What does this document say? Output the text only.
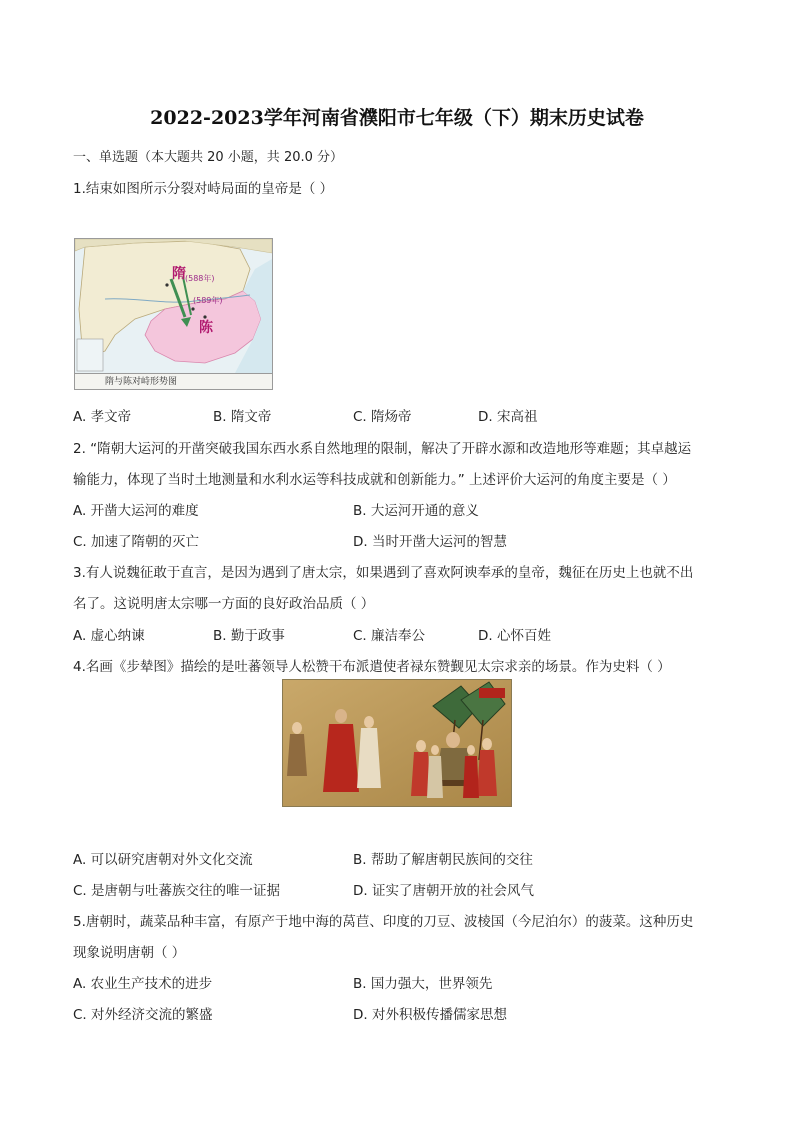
2022-2023学年河南省濮阳市七年级（下）期末历史试卷
一、单选题（本大题共 20 小题，共 20.0 分）
1.结束如图所示分裂对峙局面的皇帝是（ ）
隋 (588年)
(589年)
陈
隋与陈对峙形势图
A. 孝文帝	B. 隋文帝	C. 隋炀帝	D. 宋高祖
2. “隋朝大运河的开凿突破我国东西水系自然地理的限制，解决了开辟水源和改造地形等难题；其卓越运
输能力，体现了当时土地测量和水利水运等科技成就和创新能力。” 上述评价大运河的角度主要是（ ）
A. 开凿大运河的难度	B. 大运河开通的意义
C. 加速了隋朝的灭亡	D. 当时开凿大运河的智慧
3.有人说魏征敢于直言，是因为遇到了唐太宗，如果遇到了喜欢阿谀奉承的皇帝，魏征在历史上也就不出
名了。这说明唐太宗哪一方面的良好政治品质（ ）
A. 虚心纳谏	B. 勤于政事	C. 廉洁奉公	D. 心怀百姓
4.名画《步辇图》描绘的是吐蕃领导人松赞干布派遣使者禄东赞觐见太宗求亲的场景。作为史料（ ）
A. 可以研究唐朝对外文化交流	B. 帮助了解唐朝民族间的交往
C. 是唐朝与吐蕃族交往的唯一证据	D. 证实了唐朝开放的社会风气
5.唐朝时，蔬菜品种丰富，有原产于地中海的莴苣、印度的刀豆、波棱国（今尼泊尔）的菠菜。这种历史
现象说明唐朝（ ）
A. 农业生产技术的进步	B. 国力强大，世界领先
C. 对外经济交流的繁盛	D. 对外积极传播儒家思想
